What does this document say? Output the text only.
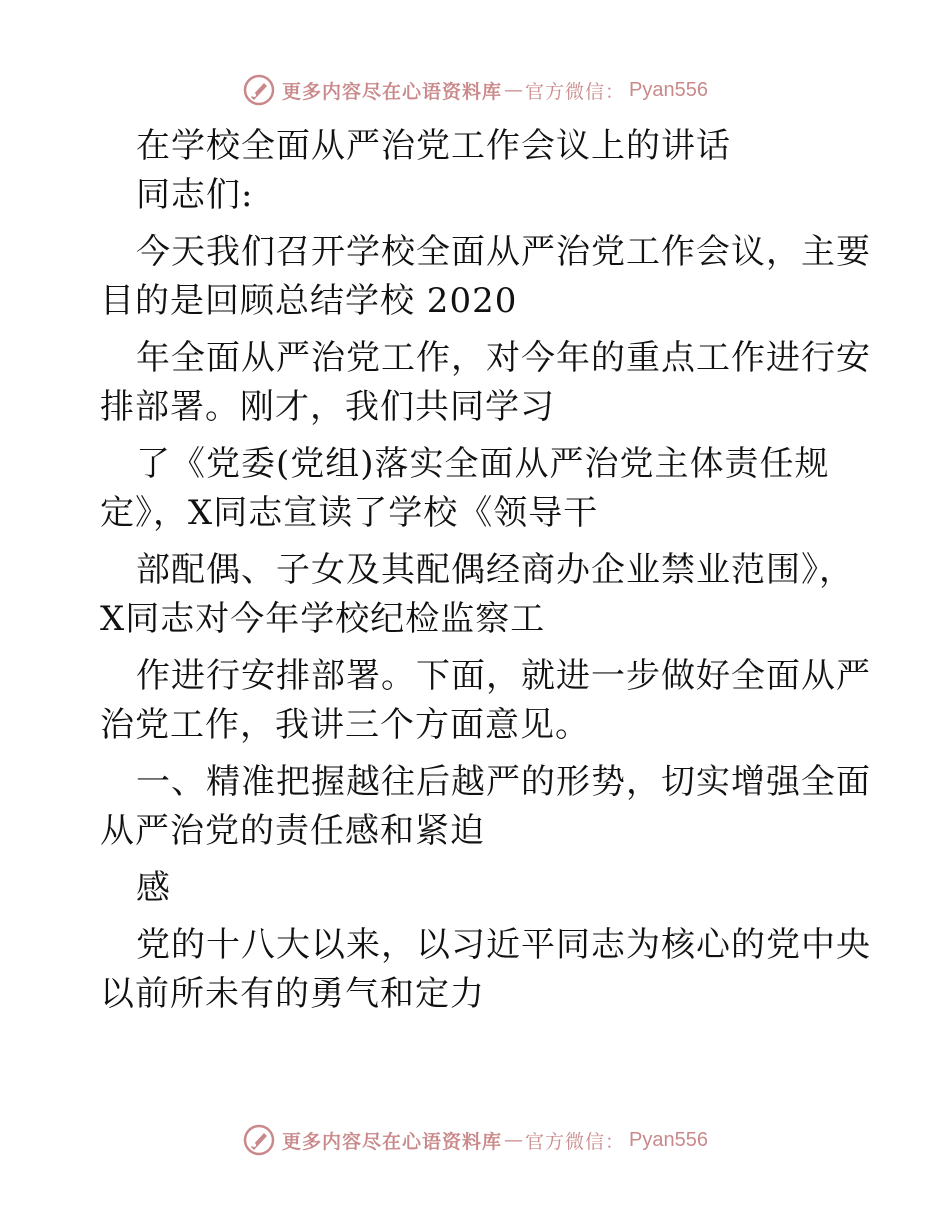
更多内容尽在心语资料库 — 官方微信： Pyan556
在学校全面从严治党工作会议上的讲话
同志们:
今天我们召开学校全面从严治党工作会议，主要
目的是回顾总结学校 2020
年全面从严治党工作，对今年的重点工作进行安
排部署。刚才，我们共同学习
了《党委(党组)落实全面从严治党主体责任规
定》，X同志宣读了学校《领导干
部配偶、子女及其配偶经商办企业禁业范围》，
X同志对今年学校纪检监察工
作进行安排部署。下面，就进一步做好全面从严
治党工作，我讲三个方面意见。
一、精准把握越往后越严的形势，切实增强全面
从严治党的责任感和紧迫
感
党的十八大以来，以习近平同志为核心的党中央
以前所未有的勇气和定力
更多内容尽在心语资料库 — 官方微信： Pyan556
